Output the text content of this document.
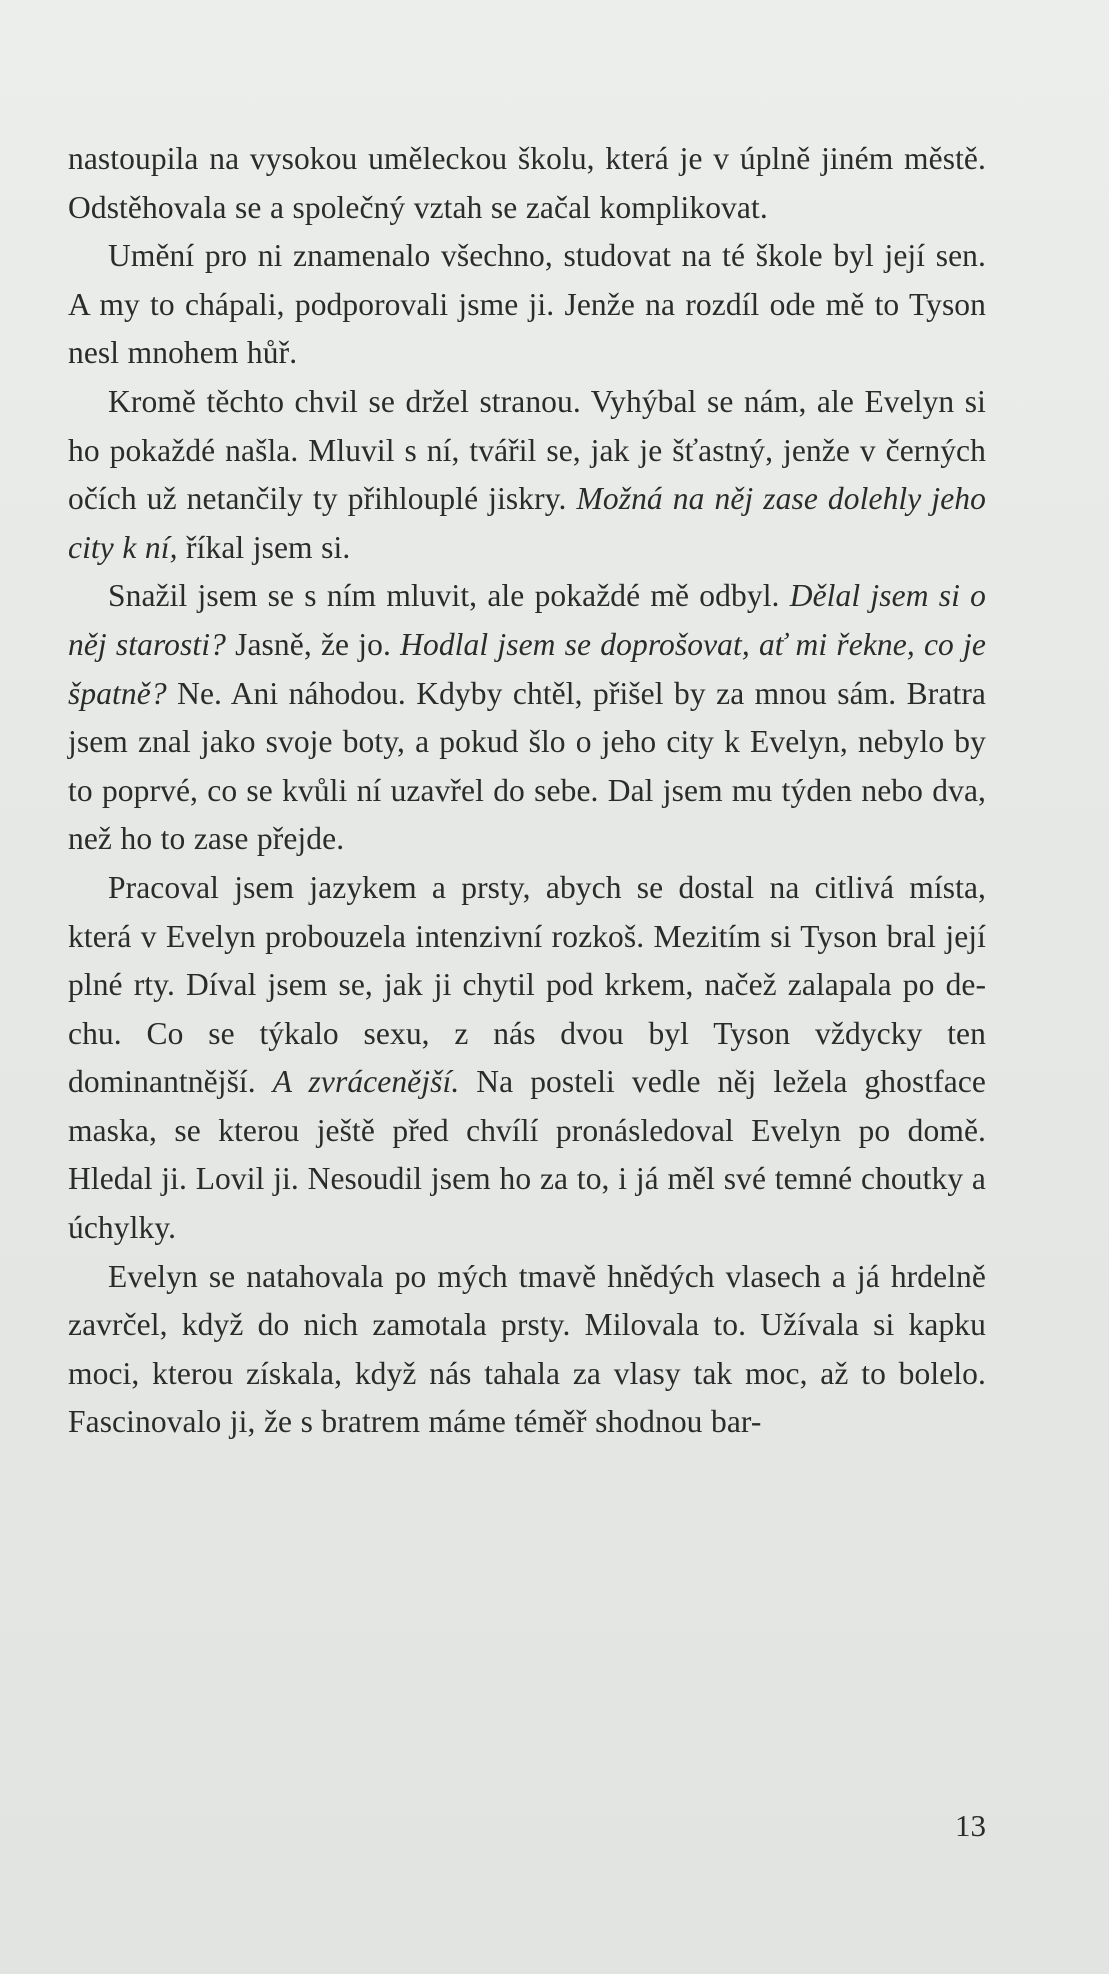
nastoupila na vysokou uměleckou školu, která je v úplně jiném městě. Odstěhovala se a společný vztah se začal komplikovat.

Umění pro ni znamenalo všechno, studovat na té škole byl její sen. A my to chápali, podporovali jsme ji. Jenže na rozdíl ode mě to Tyson nesl mnohem hůř.

Kromě těchto chvil se držel stranou. Vyhýbal se nám, ale Evelyn si ho pokaždé našla. Mluvil s ní, tvářil se, jak je šťastný, jenže v černých očích už netančily ty přihlouplé jiskry. Možná na něj zase dolehly jeho city k ní, říkal jsem si.

Snažil jsem se s ním mluvit, ale pokaždé mě odbyl. Dělal jsem si o něj starosti? Jasně, že jo. Hodlal jsem se doprošovat, ať mi řekne, co je špatně? Ne. Ani náhodou. Kdyby chtěl, přišel by za mnou sám. Bratra jsem znal jako svoje boty, a pokud šlo o jeho city k Evelyn, nebylo by to poprvé, co se kvůli ní uzavřel do sebe. Dal jsem mu týden nebo dva, než ho to zase přejde.

Pracoval jsem jazykem a prsty, abych se dostal na citlivá místa, která v Evelyn probouzela intenzivní rozkoš. Mezitím si Tyson bral její plné rty. Díval jsem se, jak ji chytil pod krkem, načež zalapala po dechu. Co se týkalo sexu, z nás dvou byl Tyson vždycky ten dominantnější. A zvrácenější. Na posteli vedle něj ležela ghostface maska, se kterou ještě před chvílí pronásledoval Evelyn po domě. Hledal ji. Lovil ji. Nesoudil jsem ho za to, i já měl své temné choutky a úchylky.

Evelyn se natahovala po mých tmavě hnědých vlasech a já hrdelně zavrčel, když do nich zamotala prsty. Milovala to. Užívala si kapku moci, kterou získala, když nás tahala za vlasy tak moc, až to bolelo. Fascinovalo ji, že s bratrem máme téměř shodnou bar-

13
